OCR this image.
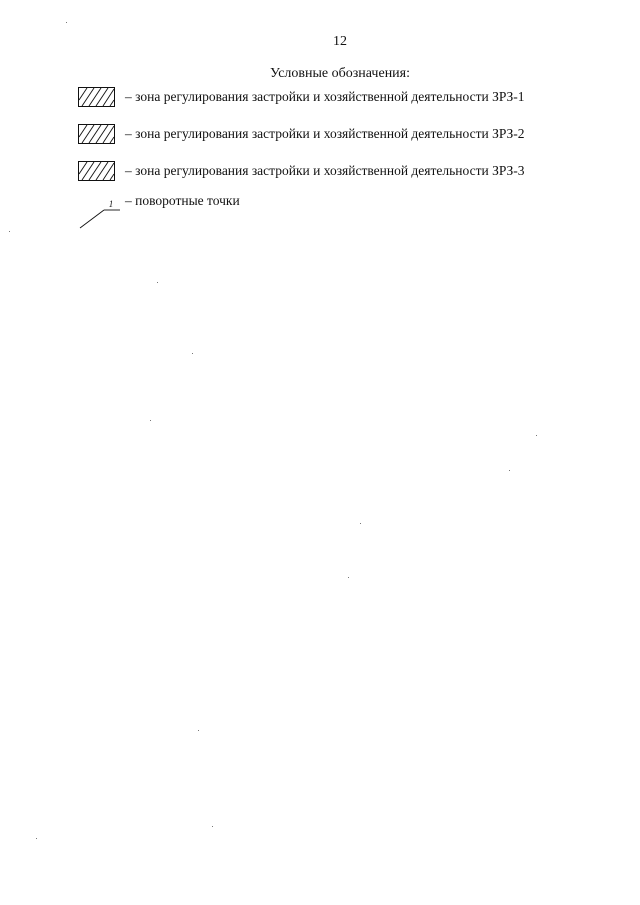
12
Условные обозначения:
– зона регулирования застройки и хозяйственной деятельности ЗРЗ-1
– зона регулирования застройки и хозяйственной деятельности ЗРЗ-2
– зона регулирования застройки и хозяйственной деятельности ЗРЗ-3
1 – поворотные точки
